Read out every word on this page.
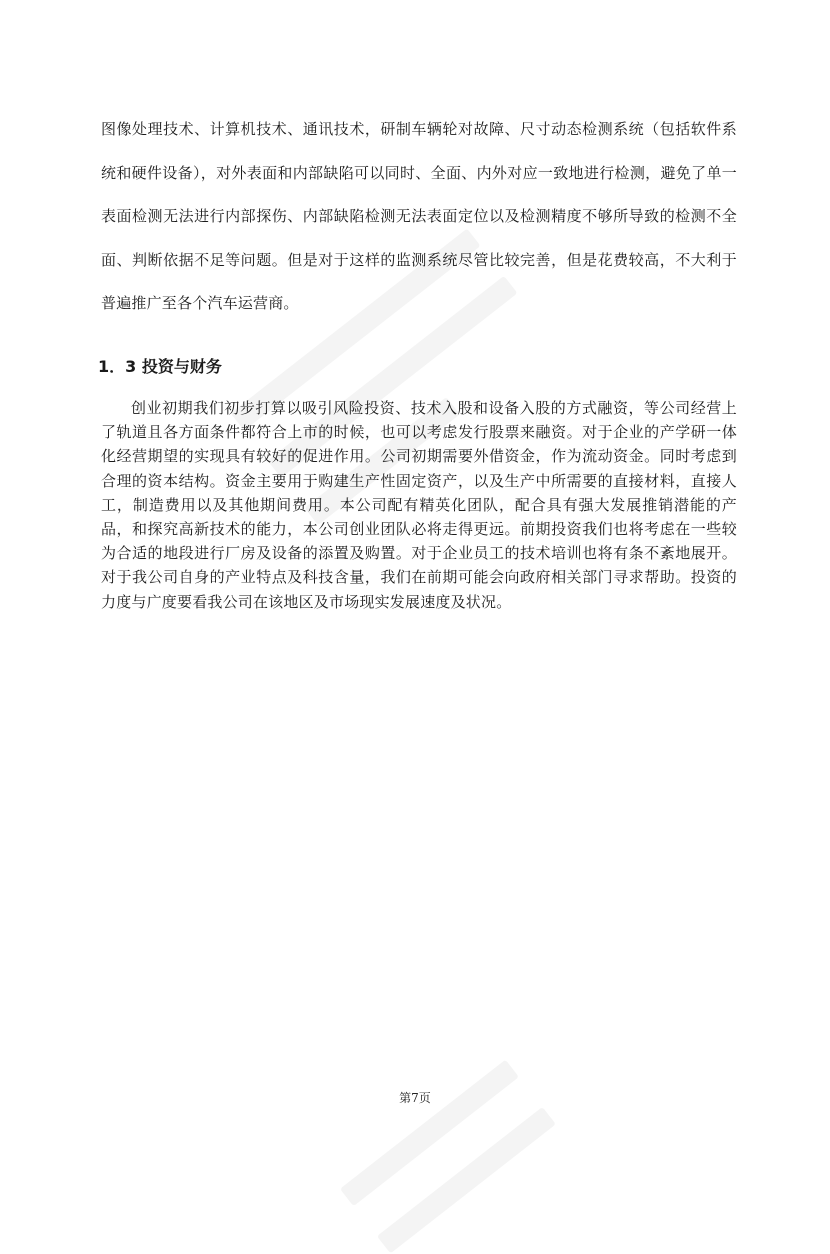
图像处理技术、计算机技术、通讯技术，研制车辆轮对故障、尺寸动态检测系统（包括软件系统和硬件设备），对外表面和内部缺陷可以同时、全面、内外对应一致地进行检测，避免了单一表面检测无法进行内部探伤、内部缺陷检测无法表面定位以及检测精度不够所导致的检测不全面、判断依据不足等问题。但是对于这样的监测系统尽管比较完善，但是花费较高，不大利于普遍推广至各个汽车运营商。

1．3 投资与财务

创业初期我们初步打算以吸引风险投资、技术入股和设备入股的方式融资，等公司经营上了轨道且各方面条件都符合上市的时候，也可以考虑发行股票来融资。对于企业的产学研一体化经营期望的实现具有较好的促进作用。公司初期需要外借资金，作为流动资金。同时考虑到合理的资本结构。资金主要用于购建生产性固定资产，以及生产中所需要的直接材料，直接人工，制造费用以及其他期间费用。本公司配有精英化团队，配合具有强大发展推销潜能的产品，和探究高新技术的能力，本公司创业团队必将走得更远。前期投资我们也将考虑在一些较为合适的地段进行厂房及设备的添置及购置。对于企业员工的技术培训也将有条不紊地展开。对于我公司自身的产业特点及科技含量，我们在前期可能会向政府相关部门寻求帮助。投资的力度与广度要看我公司在该地区及市场现实发展速度及状况。

第7页
